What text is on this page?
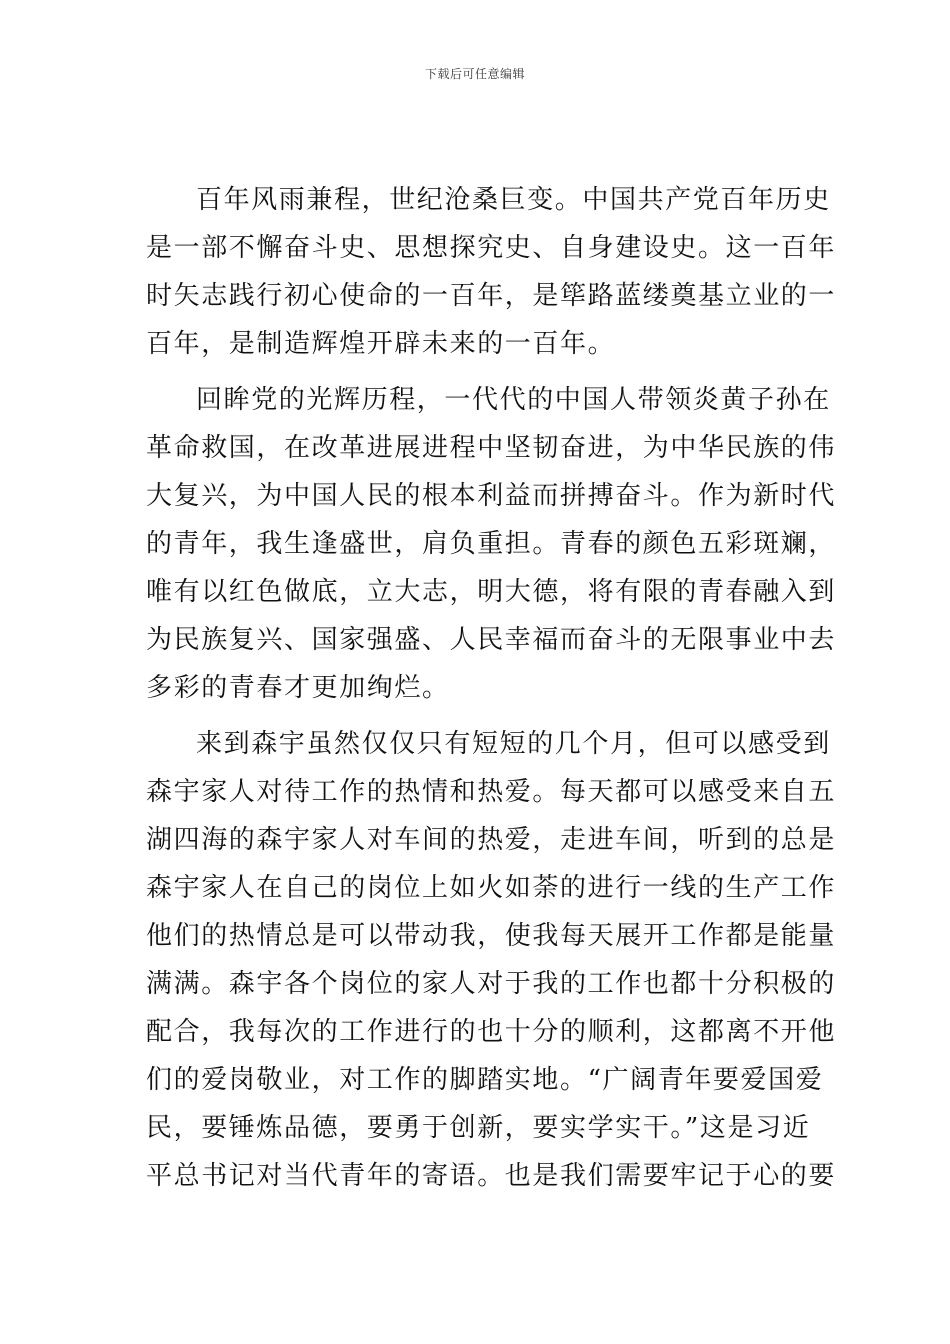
下载后可任意编辑
百年风雨兼程，世纪沧桑巨变。中国共产党百年历史
是一部不懈奋斗史、思想探究史、自身建设史。这一百年
时矢志践行初心使命的一百年，是筚路蓝缕奠基立业的一
百年，是制造辉煌开辟未来的一百年。
回眸党的光辉历程，一代代的中国人带领炎黄子孙在
革命救国，在改革进展进程中坚韧奋进，为中华民族的伟
大复兴，为中国人民的根本利益而拼搏奋斗。作为新时代
的青年，我生逢盛世，肩负重担。青春的颜色五彩斑斓，
唯有以红色做底，立大志，明大德，将有限的青春融入到
为民族复兴、国家强盛、人民幸福而奋斗的无限事业中去
多彩的青春才更加绚烂。
来到森宇虽然仅仅只有短短的几个月，但可以感受到
森宇家人对待工作的热情和热爱。每天都可以感受来自五
湖四海的森宇家人对车间的热爱，走进车间，听到的总是
森宇家人在自己的岗位上如火如荼的进行一线的生产工作
他们的热情总是可以带动我，使我每天展开工作都是能量
满满。森宇各个岗位的家人对于我的工作也都十分积极的
配合，我每次的工作进行的也十分的顺利，这都离不开他
们的爱岗敬业，对工作的脚踏实地。“广阔青年要爱国爱
民，要锤炼品德，要勇于创新，要实学实干。”这是习近
平总书记对当代青年的寄语。也是我们需要牢记于心的要
